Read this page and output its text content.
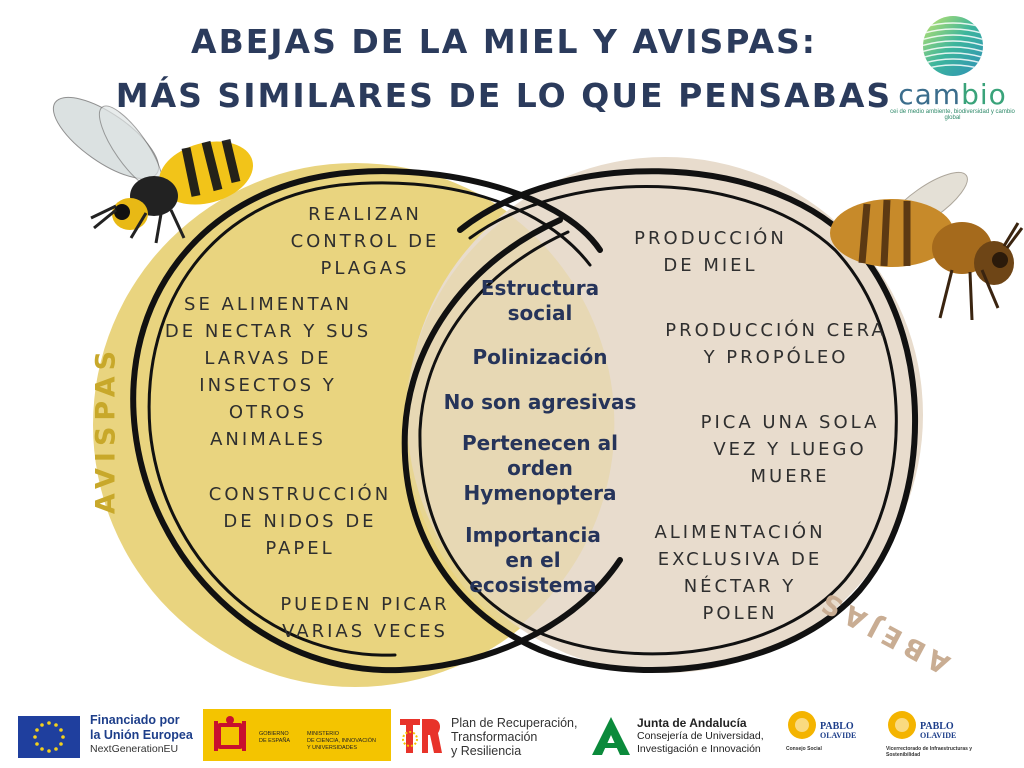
ABEJAS DE LA MIEL Y AVISPAS:
MÁS SIMILARES DE LO QUE PENSABAS cambio
cei de medio ambiente, biodiversidad y cambio global
AVISPAS
ABEJAS
REALIZAN
CONTROL DE
PLAGAS
SE ALIMENTAN
DE NECTAR Y SUS
LARVAS DE
INSECTOS Y
OTROS
ANIMALES
CONSTRUCCIÓN
DE NIDOS DE
PAPEL
PUEDEN PICAR
VARIAS VECES
Estructura
social
Polinización
No son agresivas
Pertenecen al
orden
Hymenoptera
Importancia
en el
ecosistema
PRODUCCIÓN
DE MIEL
PRODUCCIÓN CERA
Y PROPÓLEO
PICA UNA SOLA
VEZ Y LUEGO
MUERE
ALIMENTACIÓN
EXCLUSIVA DE
NÉCTAR Y
POLEN
Financiado por
la Unión Europea
NextGenerationEU
GOBIERNO
DE ESPAÑA
MINISTERIO
DE CIENCIA, INNOVACIÓN
Y UNIVERSIDADES
Plan de Recuperación,
Transformación
y Resiliencia
Junta de Andalucía
Consejería de Universidad,
Investigación e Innovación
PABLO
OLAVIDE
Consejo Social
PABLO
OLAVIDE
Vicerrectorado de Infraestructuras y Sostenibilidad
